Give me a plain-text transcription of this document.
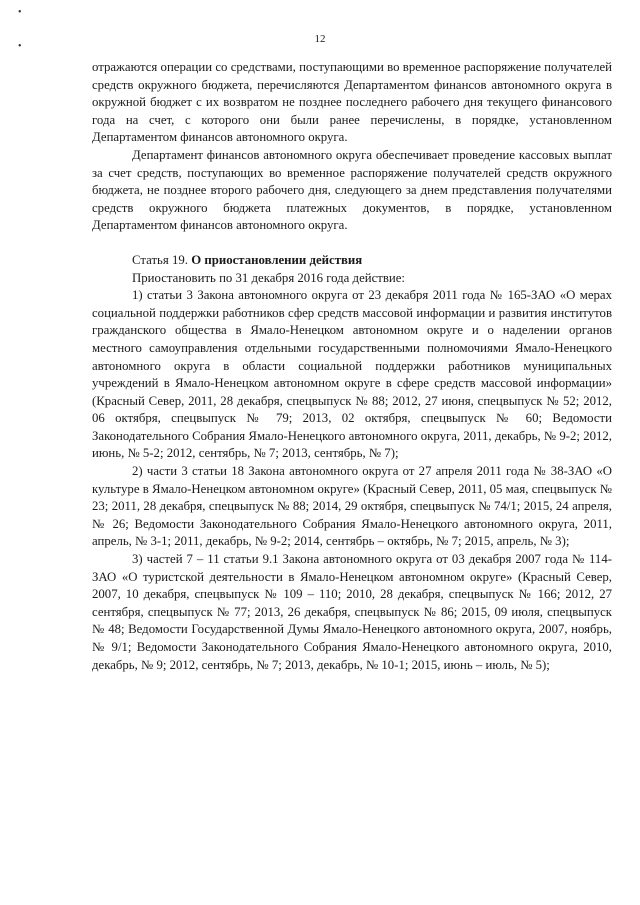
•
•
12

отражаются операции со средствами, поступающими во временное распоряжение получателей средств окружного бюджета, перечисляются Департаментом финансов автономного округа в окружной бюджет с их возвратом не позднее последнего рабочего дня текущего финансового года на счет, с которого они были ранее перечислены, в порядке, установленном Департаментом финансов автономного округа.

Департамент финансов автономного округа обеспечивает проведение кассовых выплат за счет средств, поступающих во временное распоряжение получателей средств окружного бюджета, не позднее второго рабочего дня, следующего за днем представления получателями средств окружного бюджета платежных документов, в порядке, установленном Департаментом финансов автономного округа.

Статья 19. О приостановлении действия

Приостановить по 31 декабря 2016 года действие:

1) статьи 3 Закона автономного округа от 23 декабря 2011 года № 165-ЗАО «О мерах социальной поддержки работников сфер средств массовой информации и развития институтов гражданского общества в Ямало-Ненецком автономном округе и о наделении органов местного самоуправления отдельными государственными полномочиями Ямало-Ненецкого автономного округа в области социальной поддержки работников муниципальных учреждений в Ямало-Ненецком автономном округе в сфере средств массовой информации» (Красный Север, 2011, 28 декабря, спецвыпуск № 88; 2012, 27 июня, спецвыпуск № 52; 2012, 06 октября, спецвыпуск № 79; 2013, 02 октября, спецвыпуск № 60; Ведомости Законодательного Собрания Ямало-Ненецкого автономного округа, 2011, декабрь, № 9-2; 2012, июнь, № 5-2; 2012, сентябрь, № 7; 2013, сентябрь, № 7);

2) части 3 статьи 18 Закона автономного округа от 27 апреля 2011 года № 38-ЗАО «О культуре в Ямало-Ненецком автономном округе» (Красный Север, 2011, 05 мая, спецвыпуск № 23; 2011, 28 декабря, спецвыпуск № 88; 2014, 29 октября, спецвыпуск № 74/1; 2015, 24 апреля, № 26; Ведомости Законодательного Собрания Ямало-Ненецкого автономного округа, 2011, апрель, № 3-1; 2011, декабрь, № 9-2; 2014, сентябрь – октябрь, № 7; 2015, апрель, № 3);

3) частей 7 – 11 статьи 9.1 Закона автономного округа от 03 декабря 2007 года № 114-ЗАО «О туристской деятельности в Ямало-Ненецком автономном округе» (Красный Север, 2007, 10 декабря, спецвыпуск № 109 – 110; 2010, 28 декабря, спецвыпуск № 166; 2012, 27 сентября, спецвыпуск № 77; 2013, 26 декабря, спецвыпуск № 86; 2015, 09 июля, спецвыпуск № 48; Ведомости Государственной Думы Ямало-Ненецкого автономного округа, 2007, ноябрь, № 9/1; Ведомости Законодательного Собрания Ямало-Ненецкого автономного округа, 2010, декабрь, № 9; 2012, сентябрь, № 7; 2013, декабрь, № 10-1; 2015, июнь – июль, № 5);
